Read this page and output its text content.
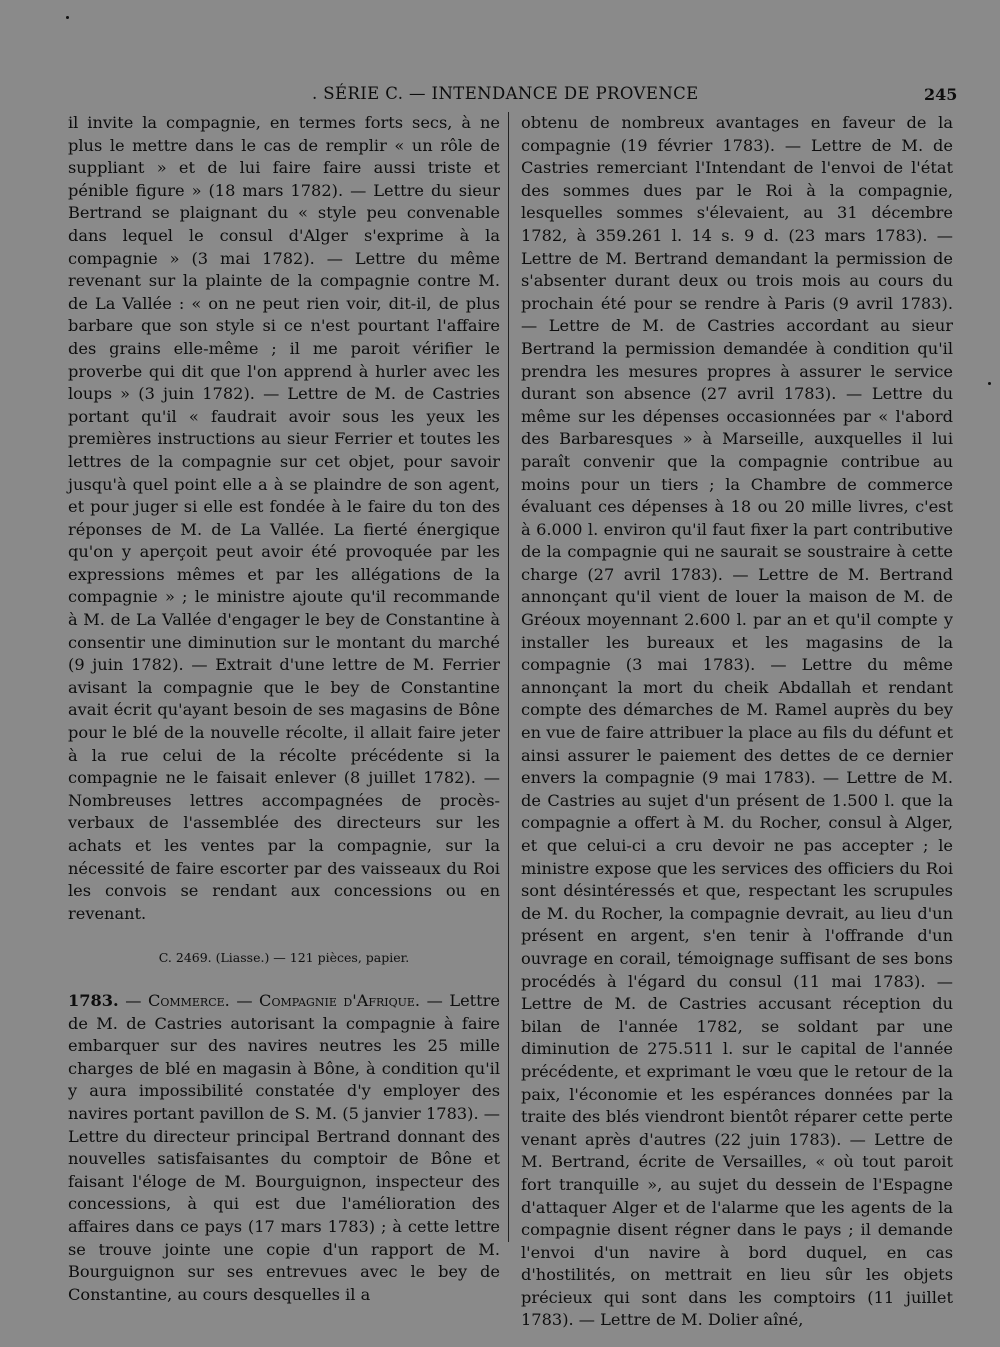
. SÉRIE C. — INTENDANCE DE PROVENCE	245

il invite la compagnie, en termes forts secs, à ne plus le mettre dans le cas de remplir « un rôle de suppliant » et de lui faire faire aussi triste et pénible figure » (18 mars 1782). — Lettre du sieur Bertrand se plaignant du « style peu convenable dans lequel le consul d'Alger s'exprime à la compagnie » (3 mai 1782). — Lettre du même revenant sur la plainte de la compagnie contre M. de La Vallée : « on ne peut rien voir, dit-il, de plus barbare que son style si ce n'est pourtant l'affaire des grains elle-même ; il me paroit vérifier le proverbe qui dit que l'on apprend à hurler avec les loups » (3 juin 1782). — Lettre de M. de Castries portant qu'il « faudrait avoir sous les yeux les premières instructions au sieur Ferrier et toutes les lettres de la compagnie sur cet objet, pour savoir jusqu'à quel point elle a à se plaindre de son agent, et pour juger si elle est fondée à le faire du ton des réponses de M. de La Vallée. La fierté énergique qu'on y aperçoit peut avoir été provoquée par les expressions mêmes et par les allégations de la compagnie » ; le ministre ajoute qu'il recommande à M. de La Vallée d'engager le bey de Constantine à consentir une diminution sur le montant du marché (9 juin 1782). — Extrait d'une lettre de M. Ferrier avisant la compagnie que le bey de Constantine avait écrit qu'ayant besoin de ses magasins de Bône pour le blé de la nouvelle récolte, il allait faire jeter à la rue celui de la récolte précédente si la compagnie ne le faisait enlever (8 juillet 1782). — Nombreuses lettres accompagnées de procès-verbaux de l'assemblée des directeurs sur les achats et les ventes par la compagnie, sur la nécessité de faire escorter par des vaisseaux du Roi les convois se rendant aux concessions ou en revenant.

C. 2469. (Liasse.) — 121 pièces, papier.

1783. — Commerce. — Compagnie d'Afrique. — Lettre de M. de Castries autorisant la compagnie à faire embarquer sur des navires neutres les 25 mille charges de blé en magasin à Bône, à condition qu'il y aura impossibilité constatée d'y employer des navires portant pavillon de S. M. (5 janvier 1783). — Lettre du directeur principal Bertrand donnant des nouvelles satisfaisantes du comptoir de Bône et faisant l'éloge de M. Bourguignon, inspecteur des concessions, à qui est due l'amélioration des affaires dans ce pays (17 mars 1783) ; à cette lettre se trouve jointe une copie d'un rapport de M. Bourguignon sur ses entrevues avec le bey de Constantine, au cours desquelles il a

obtenu de nombreux avantages en faveur de la compagnie (19 février 1783). — Lettre de M. de Castries remerciant l'Intendant de l'envoi de l'état des sommes dues par le Roi à la compagnie, lesquelles sommes s'élevaient, au 31 décembre 1782, à 359.261 l. 14 s. 9 d. (23 mars 1783). — Lettre de M. Bertrand demandant la permission de s'absenter durant deux ou trois mois au cours du prochain été pour se rendre à Paris (9 avril 1783). — Lettre de M. de Castries accordant au sieur Bertrand la permission demandée à condition qu'il prendra les mesures propres à assurer le service durant son absence (27 avril 1783). — Lettre du même sur les dépenses occasionnées par « l'abord des Barbaresques » à Marseille, auxquelles il lui paraît convenir que la compagnie contribue au moins pour un tiers ; la Chambre de commerce évaluant ces dépenses à 18 ou 20 mille livres, c'est à 6.000 l. environ qu'il faut fixer la part contributive de la compagnie qui ne saurait se soustraire à cette charge (27 avril 1783). — Lettre de M. Bertrand annonçant qu'il vient de louer la maison de M. de Gréoux moyennant 2.600 l. par an et qu'il compte y installer les bureaux et les magasins de la compagnie (3 mai 1783). — Lettre du même annonçant la mort du cheik Abdallah et rendant compte des démarches de M. Ramel auprès du bey en vue de faire attribuer la place au fils du défunt et ainsi assurer le paiement des dettes de ce dernier envers la compagnie (9 mai 1783). — Lettre de M. de Castries au sujet d'un présent de 1.500 l. que la compagnie a offert à M. du Rocher, consul à Alger, et que celui-ci a cru devoir ne pas accepter ; le ministre expose que les services des officiers du Roi sont désintéressés et que, respectant les scrupules de M. du Rocher, la compagnie devrait, au lieu d'un présent en argent, s'en tenir à l'offrande d'un ouvrage en corail, témoignage suffisant de ses bons procédés à l'égard du consul (11 mai 1783). — Lettre de M. de Castries accusant réception du bilan de l'année 1782, se soldant par une diminution de 275.511 l. sur le capital de l'année précédente, et exprimant le vœu que le retour de la paix, l'économie et les espérances données par la traite des blés viendront bientôt réparer cette perte venant après d'autres (22 juin 1783). — Lettre de M. Bertrand, écrite de Versailles, « où tout paroit fort tranquille », au sujet du dessein de l'Espagne d'attaquer Alger et de l'alarme que les agents de la compagnie disent régner dans le pays ; il demande l'envoi d'un navire à bord duquel, en cas d'hostilités, on mettrait en lieu sûr les objets précieux qui sont dans les comptoirs (11 juillet 1783). — Lettre de M. Dolier aîné,
